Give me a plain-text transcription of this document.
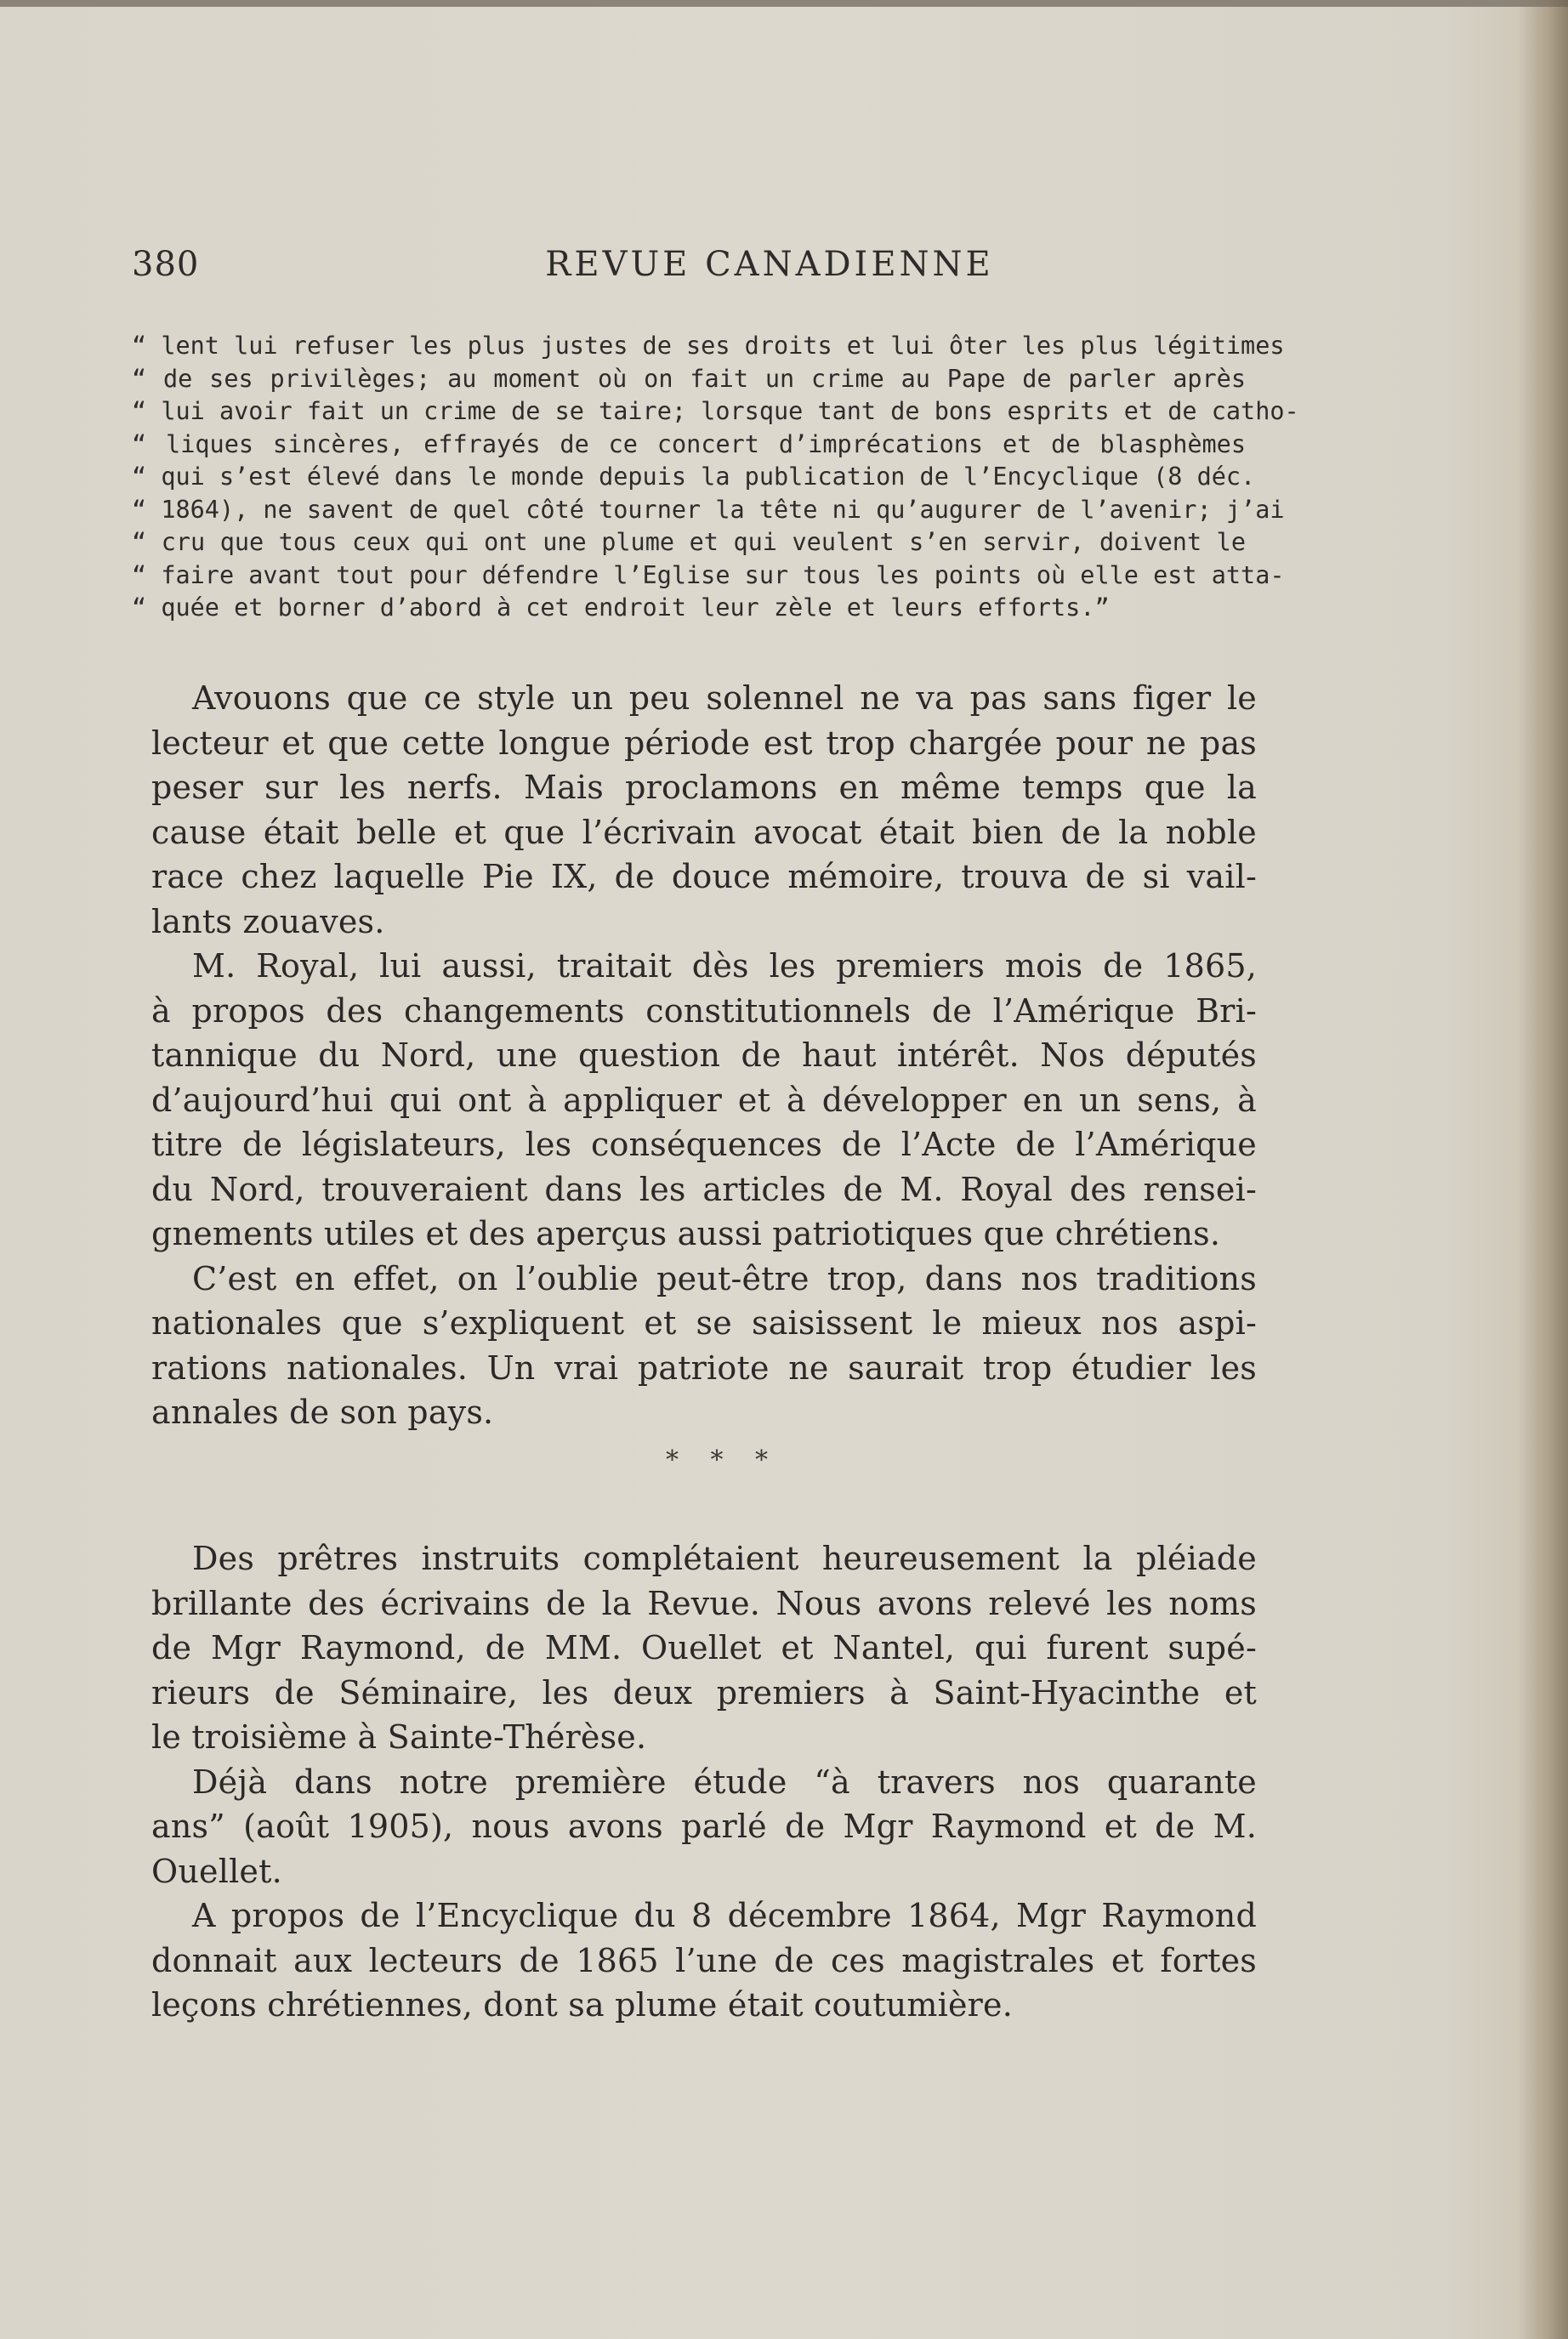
380	REVUE CANADIENNE
“ lent lui refuser les plus justes de ses droits et lui ôter les plus légitimes
“ de ses privilèges; au moment où on fait un crime au Pape de parler après
“ lui avoir fait un crime de se taire; lorsque tant de bons esprits et de catho-
“ liques sincères, effrayés de ce concert d’imprécations et de blasphèmes
“ qui s’est élevé dans le monde depuis la publication de l’Encyclique (8 déc.
“ 1864), ne savent de quel côté tourner la tête ni qu’augurer de l’avenir; j’ai
“ cru que tous ceux qui ont une plume et qui veulent s’en servir, doivent le
“ faire avant tout pour défendre l’Eglise sur tous les points où elle est atta-
“ quée et borner d’abord à cet endroit leur zèle et leurs efforts.”
Avouons que ce style un peu solennel ne va pas sans figer le
lecteur et que cette longue période est trop chargée pour ne pas
peser sur les nerfs. Mais proclamons en même temps que la
cause était belle et que l’écrivain avocat était bien de la noble
race chez laquelle Pie IX, de douce mémoire, trouva de si vail-
lants zouaves.
M. Royal, lui aussi, traitait dès les premiers mois de 1865,
à propos des changements constitutionnels de l’Amérique Bri-
tannique du Nord, une question de haut intérêt. Nos députés
d’aujourd’hui qui ont à appliquer et à développer en un sens, à
titre de législateurs, les conséquences de l’Acte de l’Amérique
du Nord, trouveraient dans les articles de M. Royal des rensei-
gnements utiles et des aperçus aussi patriotiques que chrétiens.
C’est en effet, on l’oublie peut-être trop, dans nos traditions
nationales que s’expliquent et se saisissent le mieux nos aspi-
rations nationales. Un vrai patriote ne saurait trop étudier les
annales de son pays.
* * *
Des prêtres instruits complétaient heureusement la pléiade
brillante des écrivains de la Revue. Nous avons relevé les noms
de Mgr Raymond, de MM. Ouellet et Nantel, qui furent supé-
rieurs de Séminaire, les deux premiers à Saint-Hyacinthe et
le troisième à Sainte-Thérèse.
Déjà dans notre première étude “à travers nos quarante
ans” (août 1905), nous avons parlé de Mgr Raymond et de M.
Ouellet.
A propos de l’Encyclique du 8 décembre 1864, Mgr Raymond
donnait aux lecteurs de 1865 l’une de ces magistrales et fortes
leçons chrétiennes, dont sa plume était coutumière.
